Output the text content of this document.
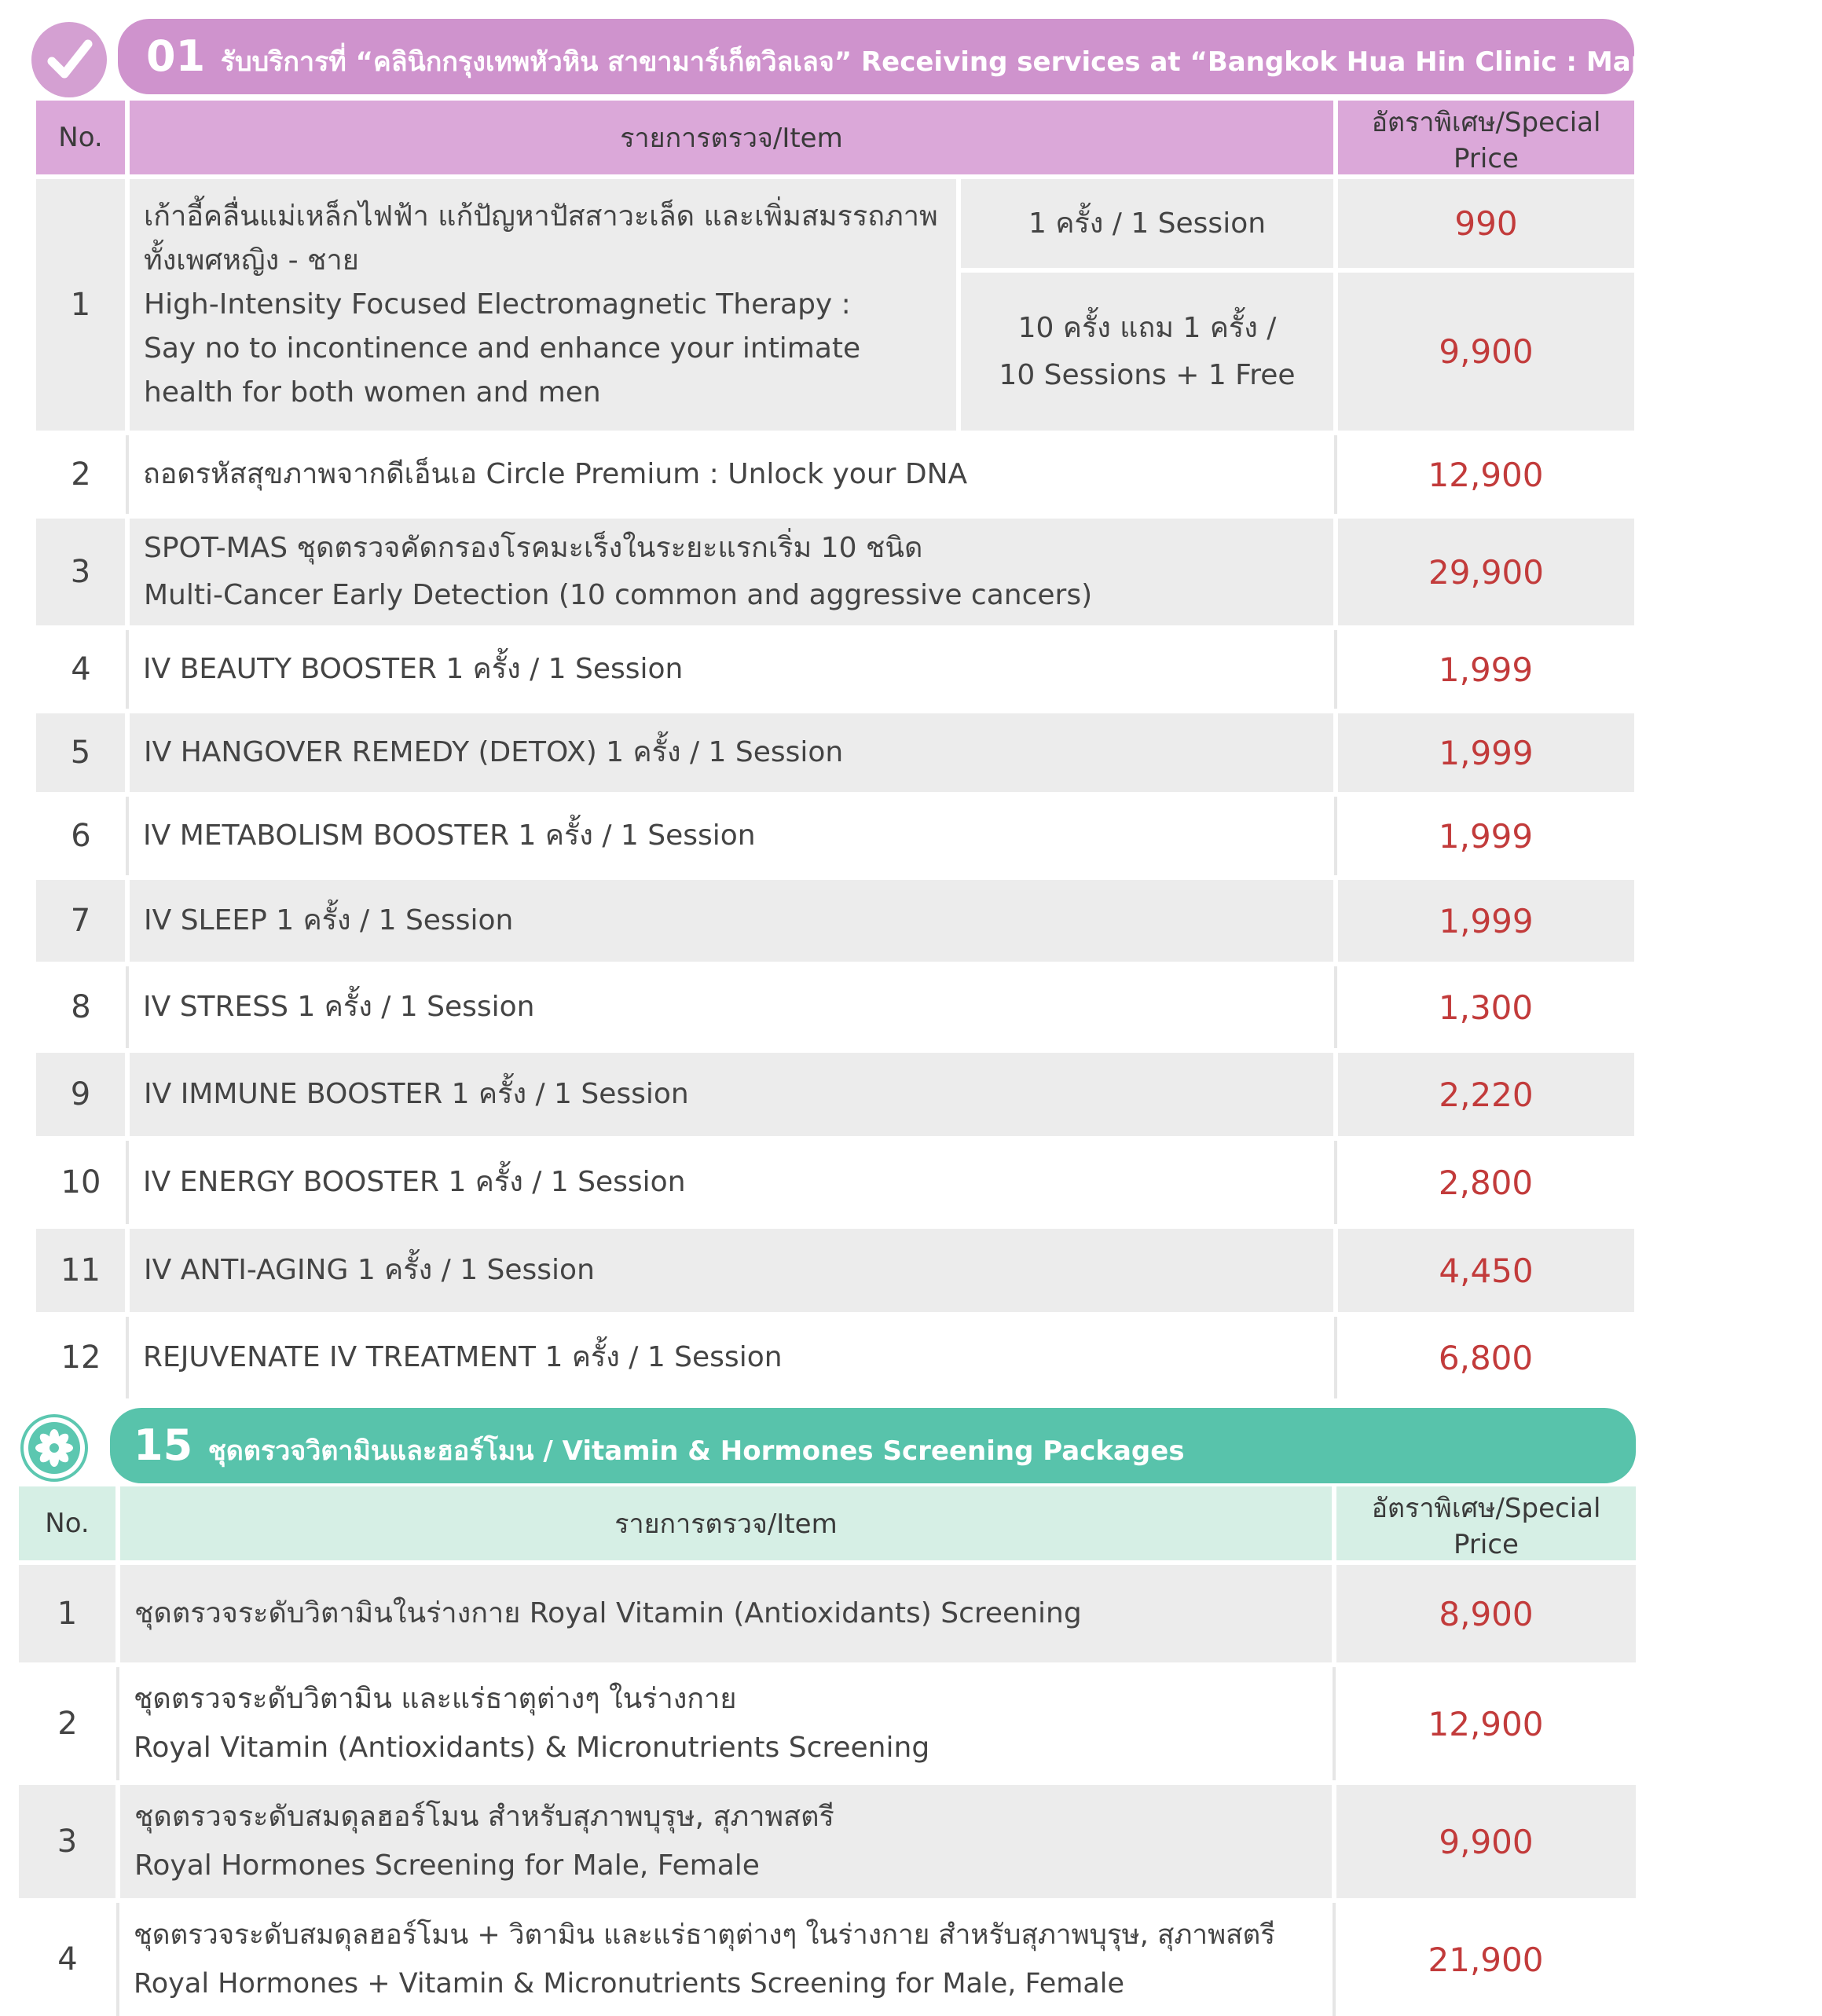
01 รับบริการที่ “คลินิกกรุงเทพหัวหิน สาขามาร์เก็ตวิลเลจ” Receiving services at “Bangkok Hua Hin Clinic : Market Village”
No.	รายการตรวจ/Item		อัตราพิเศษ/Special Price

1	เก้าอี้คลื่นแม่เหล็กไฟฟ้า แก้ปัญหาปัสสาวะเล็ด และเพิ่มสมรรถภาพ
ทั้งเพศหญิง - ชาย
High-Intensity Focused Electromagnetic Therapy :
Say no to incontinence and enhance your intimate
health for both women and men	1 ครั้ง / 1 Session	990

		10 ครั้ง แถม 1 ครั้ง /
10 Sessions + 1 Free	9,900

2	ถอดรหัสสุขภาพจากดีเอ็นเอ Circle Premium : Unlock your DNA		12,900

3	SPOT-MAS ชุดตรวจคัดกรองโรคมะเร็งในระยะแรกเริ่ม 10 ชนิด
Multi-Cancer Early Detection (10 common and aggressive cancers)		29,900

4	IV BEAUTY BOOSTER 1 ครั้ง / 1 Session		1,999

5	IV HANGOVER REMEDY (DETOX) 1 ครั้ง / 1 Session		1,999

6	IV METABOLISM BOOSTER 1 ครั้ง / 1 Session		1,999

7	IV SLEEP 1 ครั้ง / 1 Session		1,999

8	IV STRESS 1 ครั้ง / 1 Session		1,300

9	IV IMMUNE BOOSTER 1 ครั้ง / 1 Session		2,220

10	IV ENERGY BOOSTER 1 ครั้ง / 1 Session		2,800

11	IV ANTI-AGING 1 ครั้ง / 1 Session		4,450

12	REJUVENATE IV TREATMENT 1 ครั้ง / 1 Session		6,800
15 ชุดตรวจวิตามินและฮอร์โมน / Vitamin & Hormones Screening Packages
No.	รายการตรวจ/Item	อัตราพิเศษ/Special Price

1	ชุดตรวจระดับวิตามินในร่างกาย Royal Vitamin (Antioxidants) Screening	8,900

2	ชุดตรวจระดับวิตามิน และแร่ธาตุต่างๆ ในร่างกาย
Royal Vitamin (Antioxidants) & Micronutrients Screening	12,900

3	ชุดตรวจระดับสมดุลฮอร์โมน สำหรับสุภาพบุรุษ, สุภาพสตรี
Royal Hormones Screening for Male, Female	9,900

4	ชุดตรวจระดับสมดุลฮอร์โมน + วิตามิน และแร่ธาตุต่างๆ ในร่างกาย สำหรับสุภาพบุรุษ, สุภาพสตรี
Royal Hormones + Vitamin & Micronutrients Screening for Male, Female	21,900
